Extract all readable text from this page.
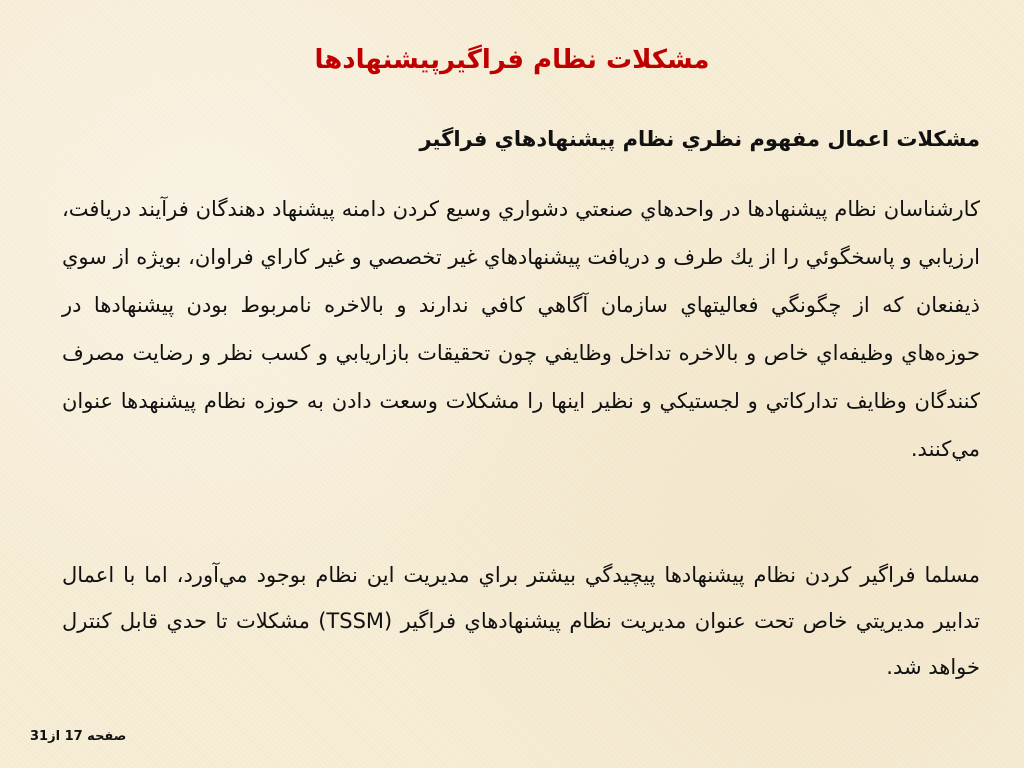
مشكلات نظام فراگيرپيشنهادها
مشكلات اعمال مفهوم نظري نظام پيشنهادهاي فراگير
كارشناسان نظام پيشنهادها در واحدهاي صنعتي دشواري وسيع كردن دامنه پيشنهاد دهندگان فرآيند دريافت، ارزيابي و پاسخگوئي را از يك طرف و دريافت پيشنهادهاي غير تخصصي و غير كاراي فراوان، بويژه از سوي ذيفنعان كه از چگونگي فعاليتهاي سازمان آگاهي كافي ندارند و بالاخره نامربوط بودن پيشنهادها در حوزه‌هاي وظيفه‌اي خاص و بالاخره تداخل وظايفي چون تحقيقات بازاريابي و كسب نظر و رضايت مصرف كنندگان وظايف تداركاتي و لجستيكي و نظير اينها را مشكلات وسعت دادن به حوزه نظام پيشنهدها عنوان مي‌كنند.
مسلما فراگير كردن نظام پيشنهادها پيچيدگي بيشتر براي مديريت اين نظام بوجود مي‌آورد، اما با اعمال تدابير مديريتي خاص تحت عنوان مديريت نظام پيشنهادهاي فراگير (TSSM) مشكلات تا حدي قابل كنترل خواهد شد.
صفحه 17 از31
